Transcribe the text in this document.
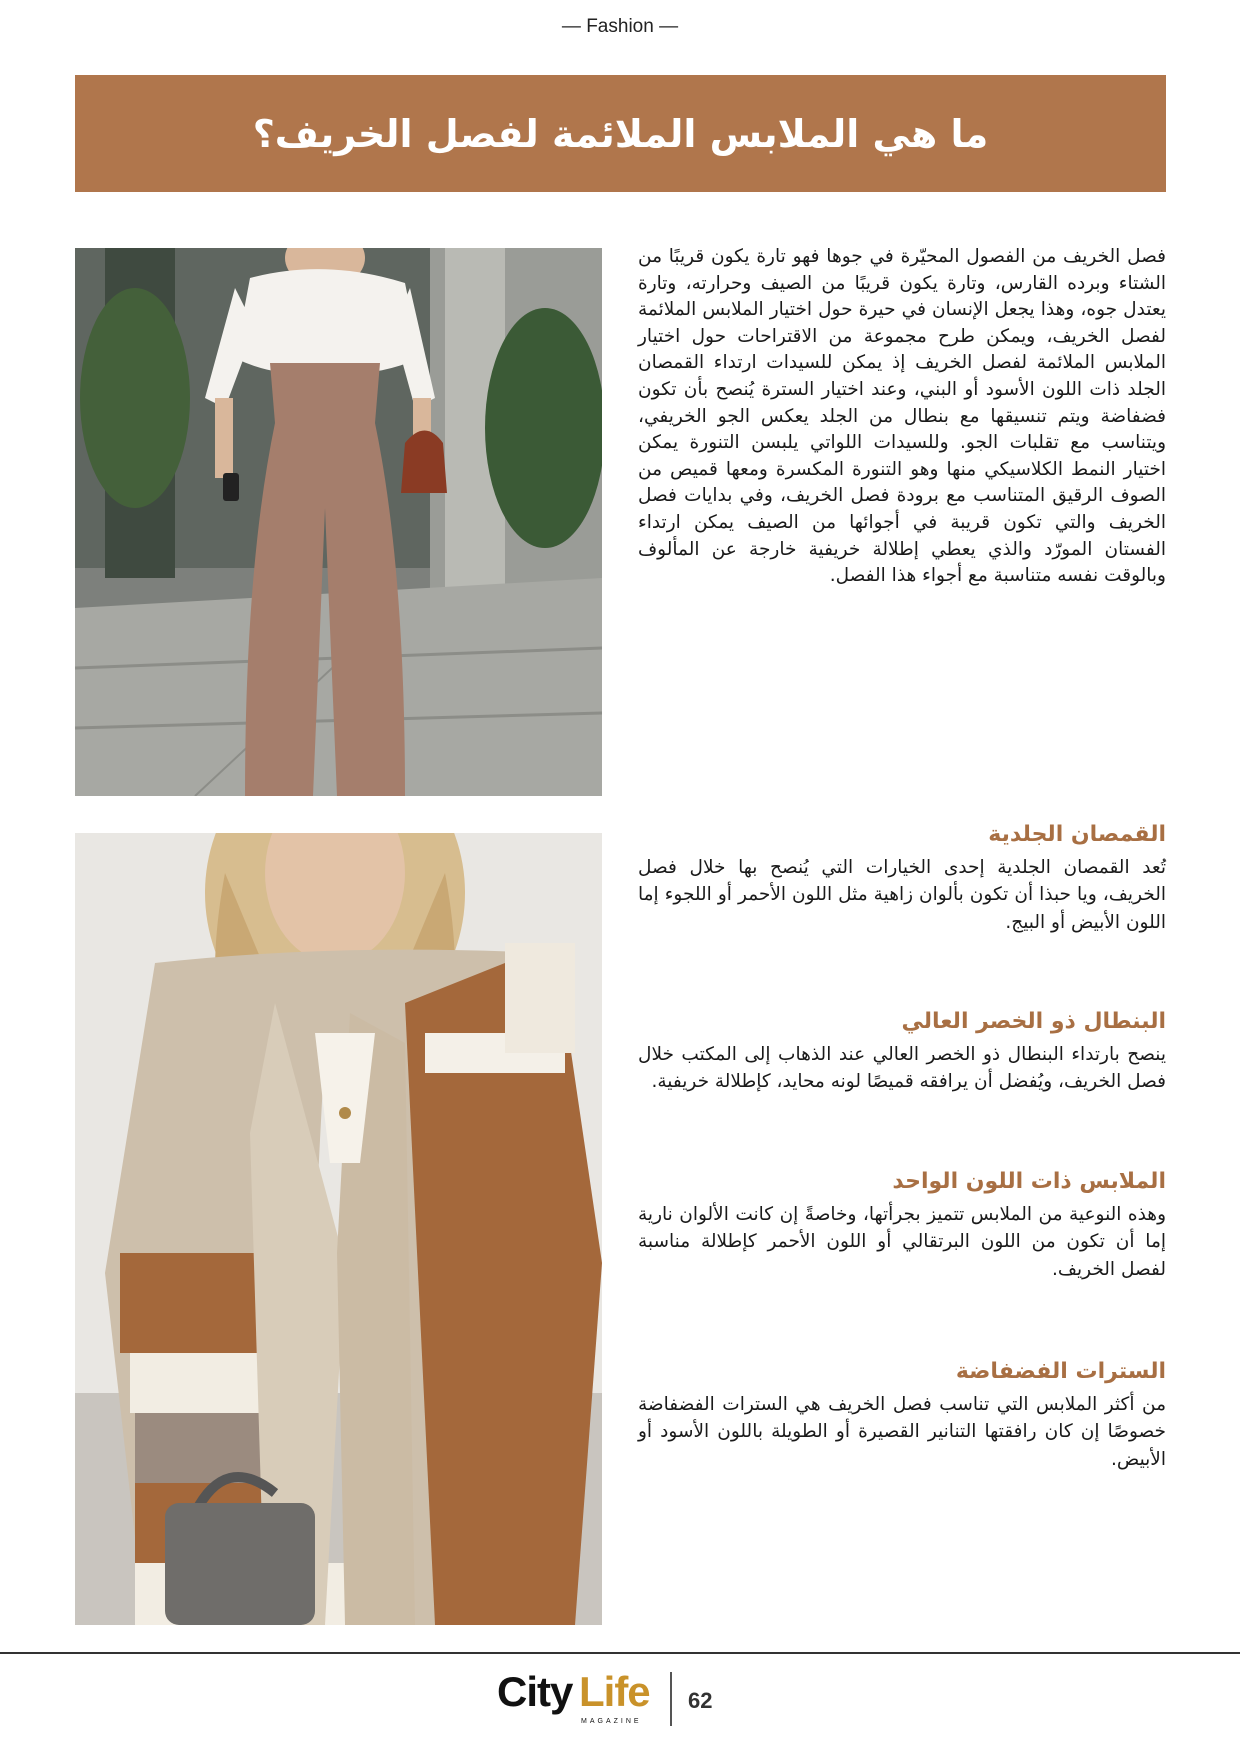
— Fashion —
ما هي الملابس الملائمة لفصل الخريف؟
فصل الخريف من الفصول المحيّرة في جوها فهو تارة يكون قريبًا من الشتاء وبرده القارس، وتارة يكون قريبًا من الصيف وحرارته، وتارة يعتدل جوه، وهذا يجعل الإنسان في حيرة حول اختيار الملابس الملائمة لفصل الخريف، ويمكن طرح مجموعة من الاقتراحات حول اختيار الملابس الملائمة لفصل الخريف إذ يمكن للسيدات ارتداء القمصان الجلد ذات اللون الأسود أو البني، وعند اختيار السترة يُنصح بأن تكون فضفاضة ويتم تنسيقها مع بنطال من الجلد يعكس الجو الخريفي، ويتناسب مع تقلبات الجو. وللسيدات اللواتي يلبسن التنورة يمكن اختيار النمط الكلاسيكي منها وهو التنورة المكسرة ومعها قميص من الصوف الرقيق المتناسب مع برودة فصل الخريف، وفي بدايات فصل الخريف والتي تكون قريبة في أجوائها من الصيف يمكن ارتداء الفستان المورّد والذي يعطي إطلالة خريفية خارجة عن المألوف وبالوقت نفسه متناسبة مع أجواء هذا الفصل.
القمصان الجلدية

تُعد القمصان الجلدية إحدى الخيارات التي يُنصح بها خلال فصل الخريف، ويا حبذا أن تكون بألوان زاهية مثل اللون الأحمر أو اللجوء إما اللون الأبيض أو البيج.

البنطال ذو الخصر العالي

ينصح بارتداء البنطال ذو الخصر العالي عند الذهاب إلى المكتب خلال فصل الخريف، ويُفضل أن يرافقه قميصًا لونه محايد، كإطلالة خريفية.

الملابس ذات اللون الواحد

وهذه النوعية من الملابس تتميز بجرأتها، وخاصةً إن كانت الألوان نارية إما أن تكون من اللون البرتقالي أو اللون الأحمر كإطلالة مناسبة لفصل الخريف.

السترات الفضفاضة

من أكثر الملابس التي تناسب فصل الخريف هي السترات الفضفاضة خصوصًا إن كان رافقتها التنانير القصيرة أو الطويلة باللون الأسود أو الأبيض.

City Life
MAGAZINE
62
